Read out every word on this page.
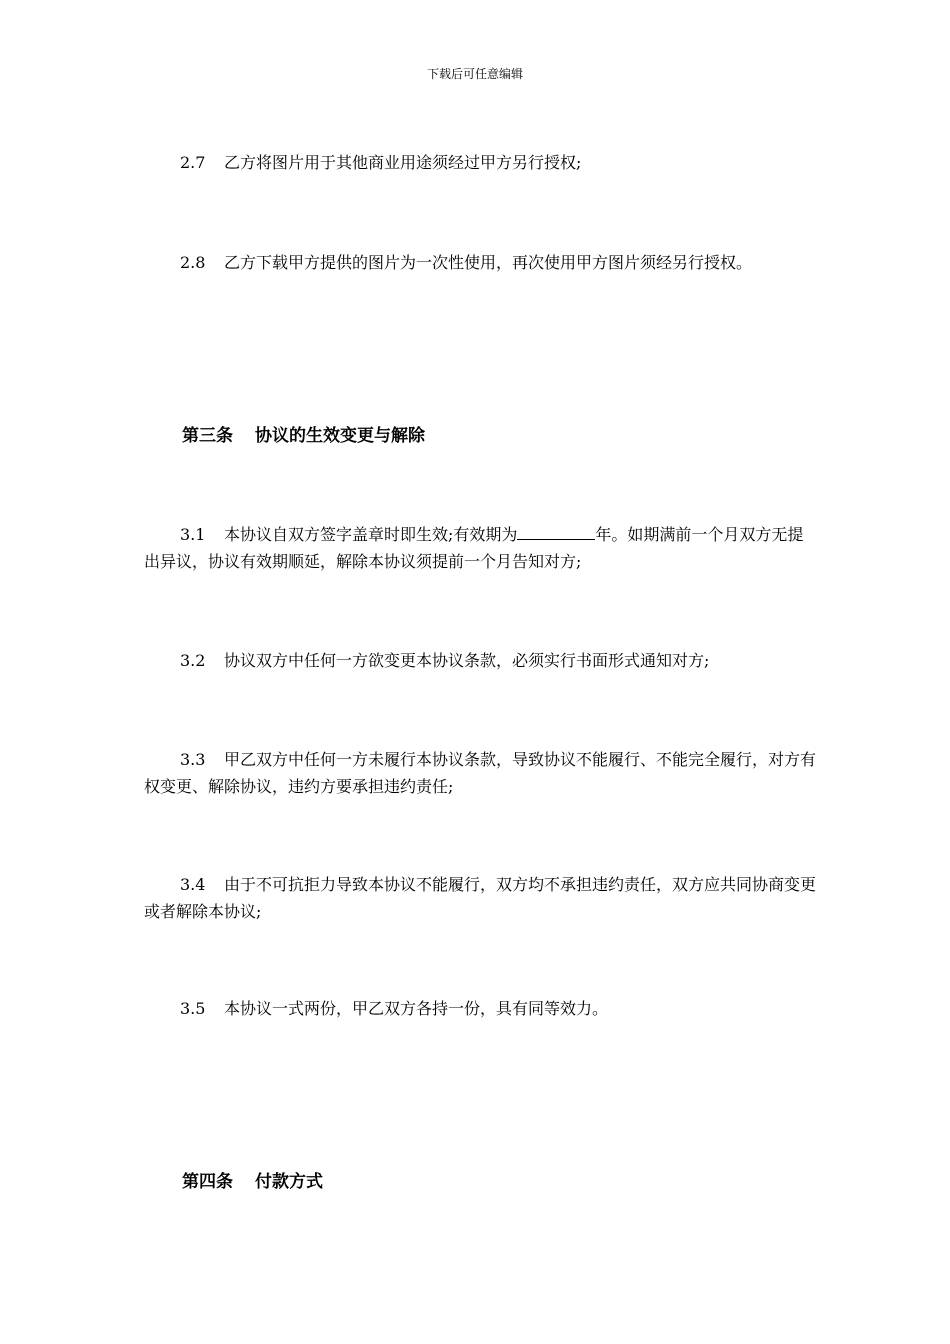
下载后可任意编辑
2.7 乙方将图片用于其他商业用途须经过甲方另行授权;
2.8 乙方下载甲方提供的图片为一次性使用，再次使用甲方图片须经另行授权。
第三条 协议的生效变更与解除
3.1 本协议自双方签字盖章时即生效;有效期为	年。如期满前一个月双方无提出异议，协议有效期顺延，解除本协议须提前一个月告知对方;
3.2 协议双方中任何一方欲变更本协议条款，必须实行书面形式通知对方;
3.3 甲乙双方中任何一方未履行本协议条款，导致协议不能履行、不能完全履行，对方有权变更、解除协议，违约方要承担违约责任;
3.4 由于不可抗拒力导致本协议不能履行，双方均不承担违约责任，双方应共同协商变更或者解除本协议;
3.5 本协议一式两份，甲乙双方各持一份，具有同等效力。
第四条 付款方式
